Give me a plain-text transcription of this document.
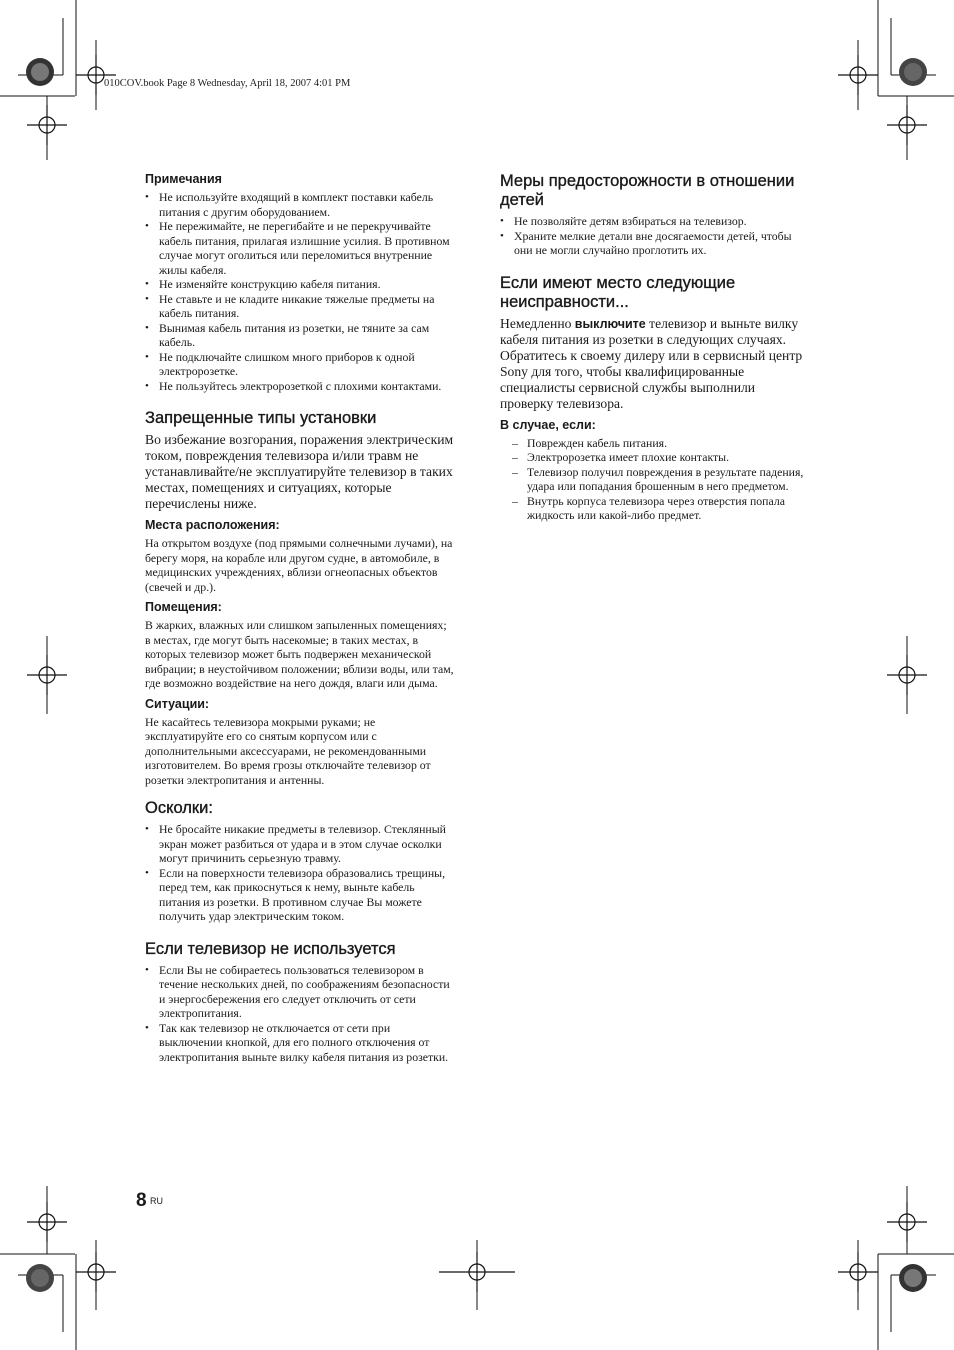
010COV.book Page 8 Wednesday, April 18, 2007 4:01 PM
Примечания
• Не используйте входящий в комплект поставки кабель питания с другим оборудованием.
• Не пережимайте, не перегибайте и не перекручивайте кабель питания, прилагая излишние усилия. В противном случае могут оголиться или переломиться внутренние жилы кабеля.
• Не изменяйте конструкцию кабеля питания.
• Не ставьте и не кладите никакие тяжелые предметы на кабель питания.
• Вынимая кабель питания из розетки, не тяните за сам кабель.
• Не подключайте слишком много приборов к одной электророзетке.
• Не пользуйтесь электророзеткой с плохими контактами.
Запрещенные типы установки

Во избежание возгорания, поражения электрическим током, повреждения телевизора и/или травм не устанавливайте/не эксплуатируйте телевизор в таких местах, помещениях и ситуациях, которые перечислены ниже.

Места расположения:

На открытом воздухе (под прямыми солнечными лучами), на берегу моря, на корабле или другом судне, в автомобиле, в медицинских учреждениях, вблизи огнеопасных объектов (свечей и др.).

Помещения:

В жарких, влажных или слишком запыленных помещениях; в местах, где могут быть насекомые; в таких местах, в которых телевизор может быть подвержен механической вибрации; в неустойчивом положении; вблизи воды, или там, где возможно воздействие на него дождя, влаги или дыма.

Ситуации:

Не касайтесь телевизора мокрыми руками; не эксплуатируйте его со снятым корпусом или с дополнительными аксессуарами, не рекомендованными изготовителем. Во время грозы отключайте телевизор от розетки электропитания и антенны.

Осколки:
• Не бросайте никакие предметы в телевизор. Стеклянный экран может разбиться от удара и в этом случае осколки могут причинить серьезную травму.
• Если на поверхности телевизора образовались трещины, перед тем, как прикоснуться к нему, выньте кабель питания из розетки. В противном случае Вы можете получить удар электрическим током.
Если телевизор не используется
• Если Вы не собираетесь пользоваться телевизором в течение нескольких дней, по соображениям безопасности и энергосбережения его следует отключить от сети электропитания.
• Так как телевизор не отключается от сети при выключении кнопкой, для его полного отключения от электропитания выньте вилку кабеля питания из розетки.
Меры предосторожности в отношении детей
• Не позволяйте детям взбираться на телевизор.
• Храните мелкие детали вне досягаемости детей, чтобы они не могли случайно проглотить их.
Если имеют место следующие неисправности...

Немедленно выключите телевизор и выньте вилку кабеля питания из розетки в следующих случаях.

Обратитесь к своему дилеру или в сервисный центр Sony для того, чтобы квалифицированные специалисты сервисной службы выполнили проверку телевизора.

В случае, если:
– Поврежден кабель питания.
– Электророзетка имеет плохие контакты.
– Телевизор получил повреждения в результате падения, удара или попадания брошенным в него предметом.
– Внутрь корпуса телевизора через отверстия попала жидкость или какой-либо предмет.
8 RU
